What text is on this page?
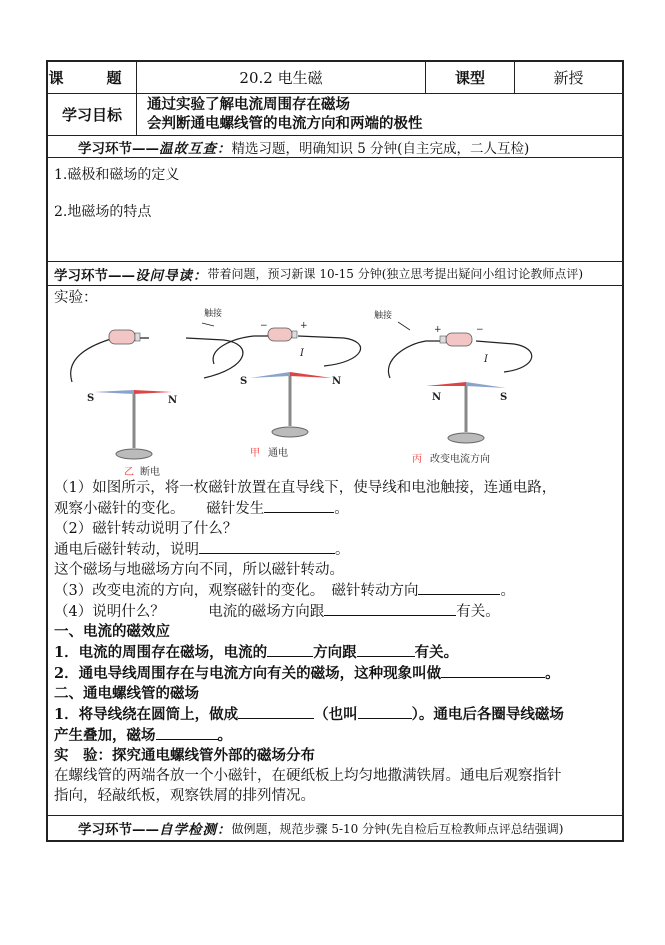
课　题	20.2 电生磁	课型	新授
学习目标
通过实验了解电流周围存在磁场
会判断通电螺线管的电流方向和两端的极性
学习环节—— 温故互查： 精选习题，明确知识 5 分钟(自主完成，二人互检)
1.磁极和磁场的定义
2.地磁场的特点
学习环节—— 设问导读： 带着问题，预习新课 10-15 分钟(独立思考提出疑问小组讨论教师点评)

实验：

S	N
乙 断电
触接
−	+
I
S	N
甲 通电
触接
+	−
I
N	S
丙 改变电流方向

（1）如图所示，将一枚磁针放置在直导线下，使导线和电池触接，连通电路，

观察小磁针的变化。　　磁针发生	。

（2）磁针转动说明了什么？

通电后磁针转动，说明	。

这个磁场与地磁场方向不同，所以磁针转动。

（3）改变电流的方向，观察磁针的变化。　磁针转动方向	。

（4）说明什么？　　　电流的磁场方向跟	有关。

一、电流的磁效应

1．电流的周围存在磁场，电流的	方向跟	有关。

2．通电导线周围存在与电流方向有关的磁场，这种现象叫做	。

二、通电螺线管的磁场

1．将导线绕在圆筒上，做成	（也叫	）。通电后各圈导线磁场

产生叠加，磁场	。

实　验：探究通电螺线管外部的磁场分布

在螺线管的两端各放一个小磁针，在硬纸板上均匀地撒满铁屑。通电后观察指针

指向，轻敲纸板，观察铁屑的排列情况。

学习环节—— 自学检测： 做例题，规范步骤 5-10 分钟(先自检后互检教师点评总结强调)
